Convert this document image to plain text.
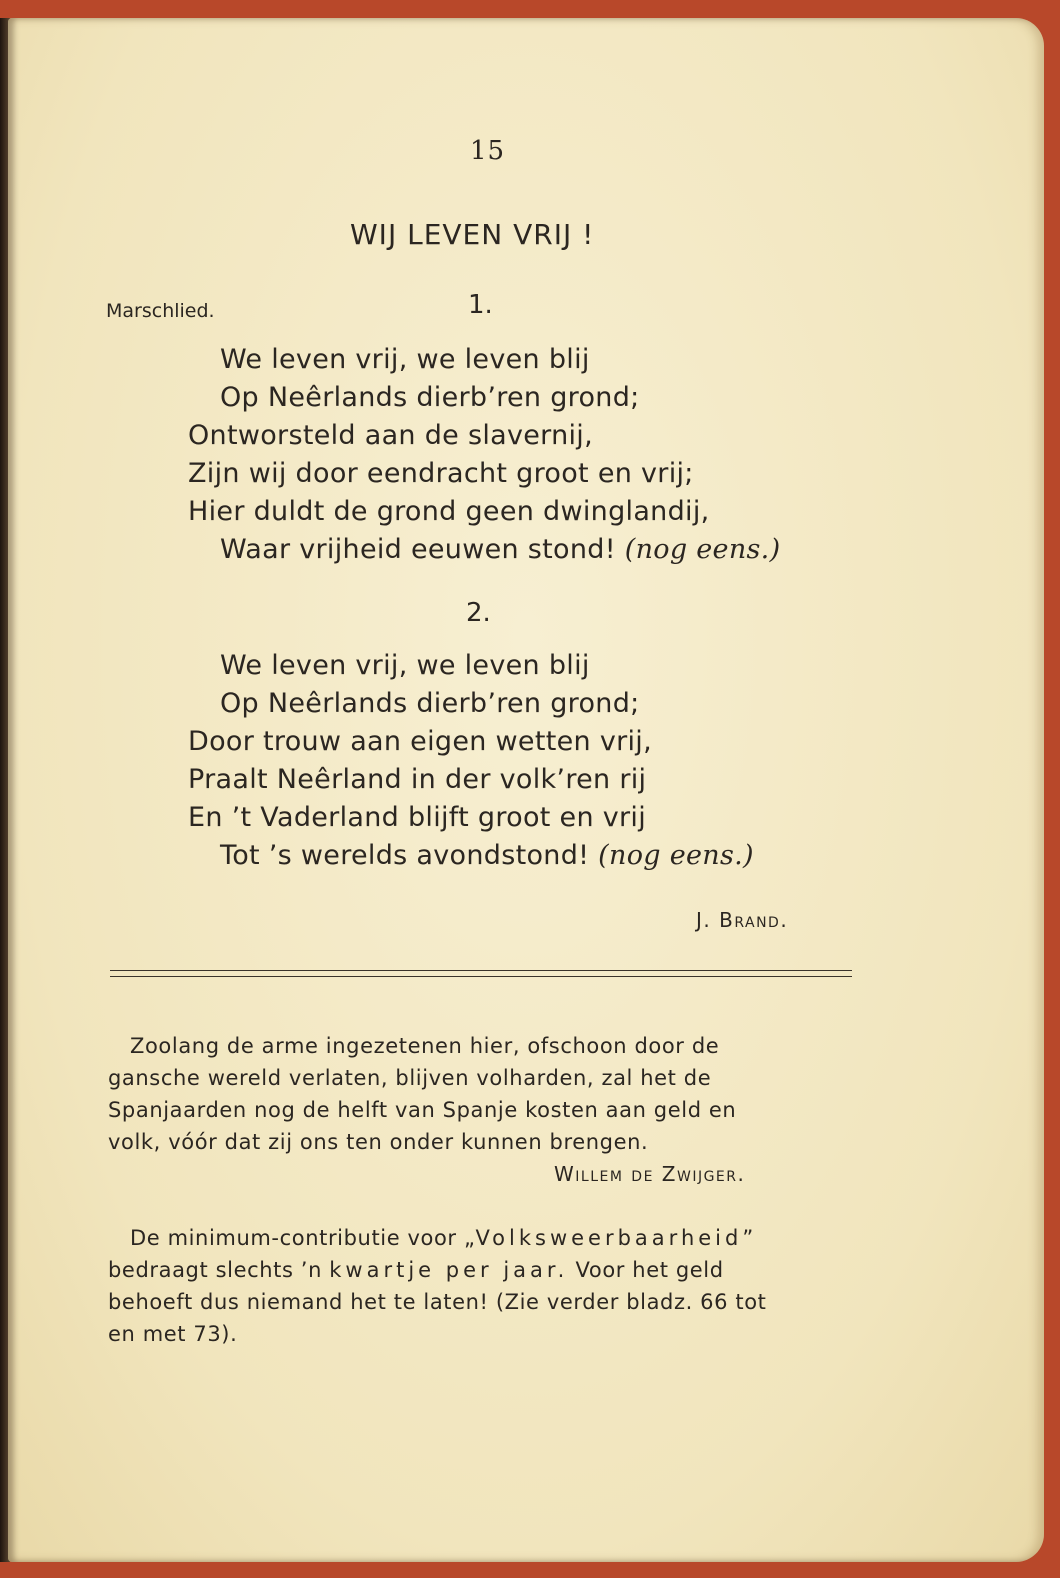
15
WIJ LEVEN VRIJ !
Marschlied.	1.
We leven vrij, we leven blij
Op Neêrlands dierb’ren grond;
Ontworsteld aan de slavernij,
Zijn wij door eendracht groot en vrij;
Hier duldt de grond geen dwinglandij,
Waar vrijheid eeuwen stond! (nog eens.)
2.
We leven vrij, we leven blij
Op Neêrlands dierb’ren grond;
Door trouw aan eigen wetten vrij,
Praalt Neêrland in der volk’ren rij
En ’t Vaderland blijft groot en vrij
Tot ’s werelds avondstond! (nog eens.)
J. Brand.
Zoolang de arme ingezetenen hier, ofschoon door de
gansche wereld verlaten, blijven volharden, zal het de
Spanjaarden nog de helft van Spanje kosten aan geld en
volk, vóór dat zij ons ten onder kunnen brengen.
Willem de Zwijger.
De minimum-contributie voor „Volksweerbaarheid”
bedraagt slechts ’n kwartje per jaar. Voor het geld
behoeft dus niemand het te laten! (Zie verder bladz. 66 tot
en met 73).
